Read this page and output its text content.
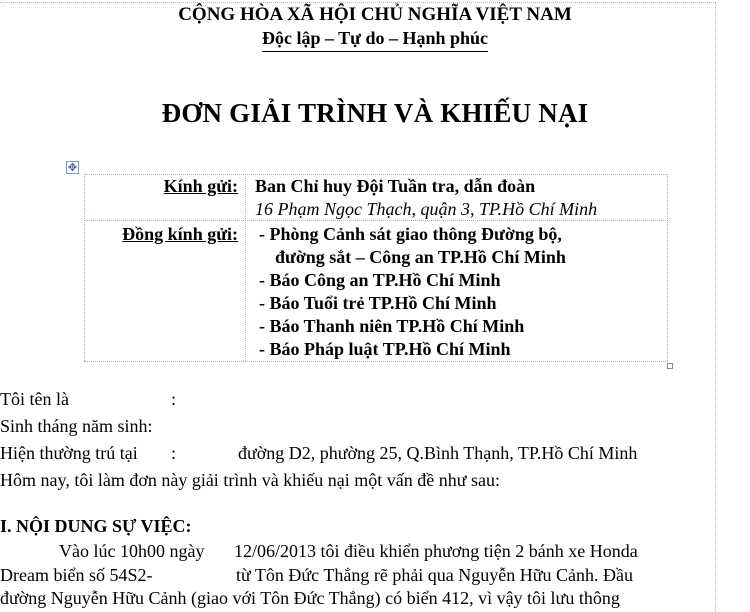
CỘNG HÒA XÃ HỘI CHỦ NGHĨA VIỆT NAM
Độc lập – Tự do – Hạnh phúc
ĐƠN GIẢI TRÌNH VÀ KHIẾU NẠI
✥
Kính gửi: Ban Chỉ huy Đội Tuần tra, dẫn đoàn
16 Phạm Ngọc Thạch, quận 3, TP.Hồ Chí Minh
Đồng kính gửi: - Phòng Cảnh sát giao thông Đường bộ,
đường sắt – Công an TP.Hồ Chí Minh
- Báo Công an TP.Hồ Chí Minh
- Báo Tuổi trẻ TP.Hồ Chí Minh
- Báo Thanh niên TP.Hồ Chí Minh
- Báo Pháp luật TP.Hồ Chí Minh
Tôi tên là	:
Sinh tháng năm sinh:
Hiện thường trú tại :	đường D2, phường 25, Q.Bình Thạnh, TP.Hồ Chí Minh
Hôm nay, tôi làm đơn này giải trình và khiếu nại một vấn đề như sau:
I. NỘI DUNG SỰ VIỆC:
Vào lúc 10h00 ngày 12/06/2013 tôi điều khiển phương tiện 2 bánh xe Honda
Dream biển số 54S2-	từ Tôn Đức Thắng rẽ phải qua Nguyễn Hữu Cảnh. Đầu
đường Nguyễn Hữu Cảnh (giao với Tôn Đức Thắng) có biển 412, vì vậy tôi lưu thông
